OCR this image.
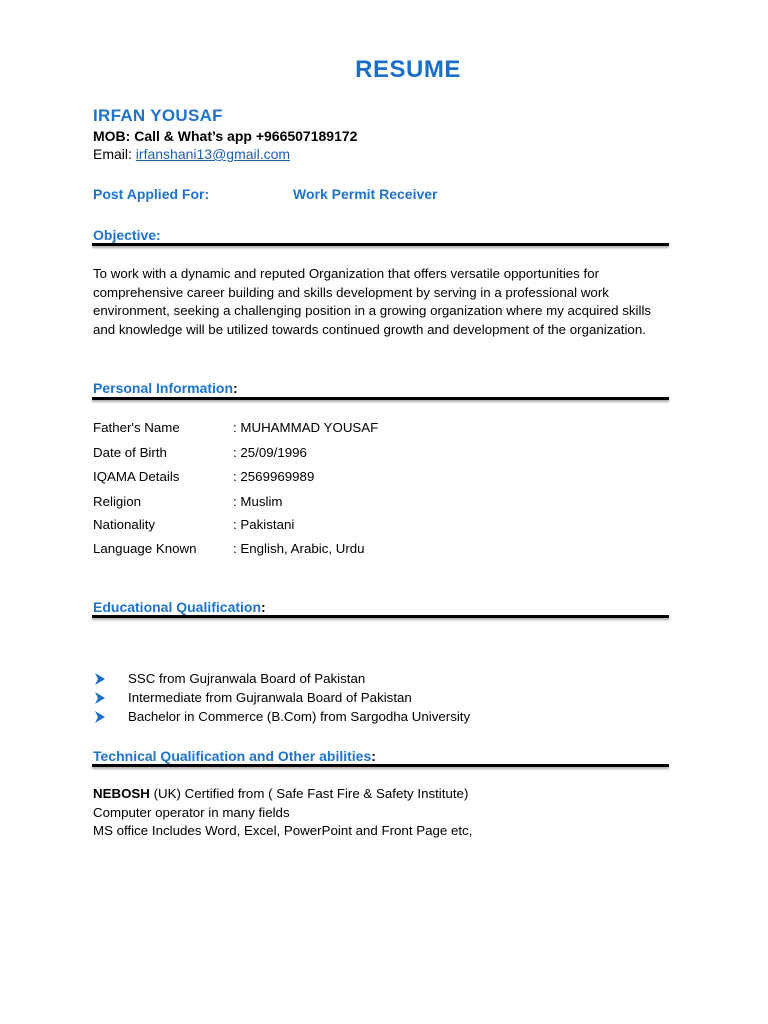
RESUME
IRFAN YOUSAF
MOB: Call & What’s app +966507189172
Email: irfanshani13@gmail.com
Post Applied For:	Work Permit Receiver
Objective:
To work with a dynamic and reputed Organization that offers versatile opportunities for comprehensive career building and skills development by serving in a professional work environment, seeking a challenging position in a growing organization where my acquired skills and knowledge will be utilized towards continued growth and development of the organization.
Personal Information:
Father's Name	: MUHAMMAD YOUSAF
Date of Birth	: 25/09/1996
IQAMA Details	: 2569969989
Religion	: Muslim
Nationality	: Pakistani
Language Known	: English, Arabic, Urdu
Educational Qualification:
SSC from Gujranwala Board of Pakistan
Intermediate from Gujranwala Board of Pakistan
Bachelor in Commerce (B.Com) from Sargodha University
Technical Qualification and Other abilities:
NEBOSH (UK) Certified from ( Safe Fast Fire & Safety Institute)
Computer operator in many fields
MS office Includes Word, Excel, PowerPoint and Front Page etc,
